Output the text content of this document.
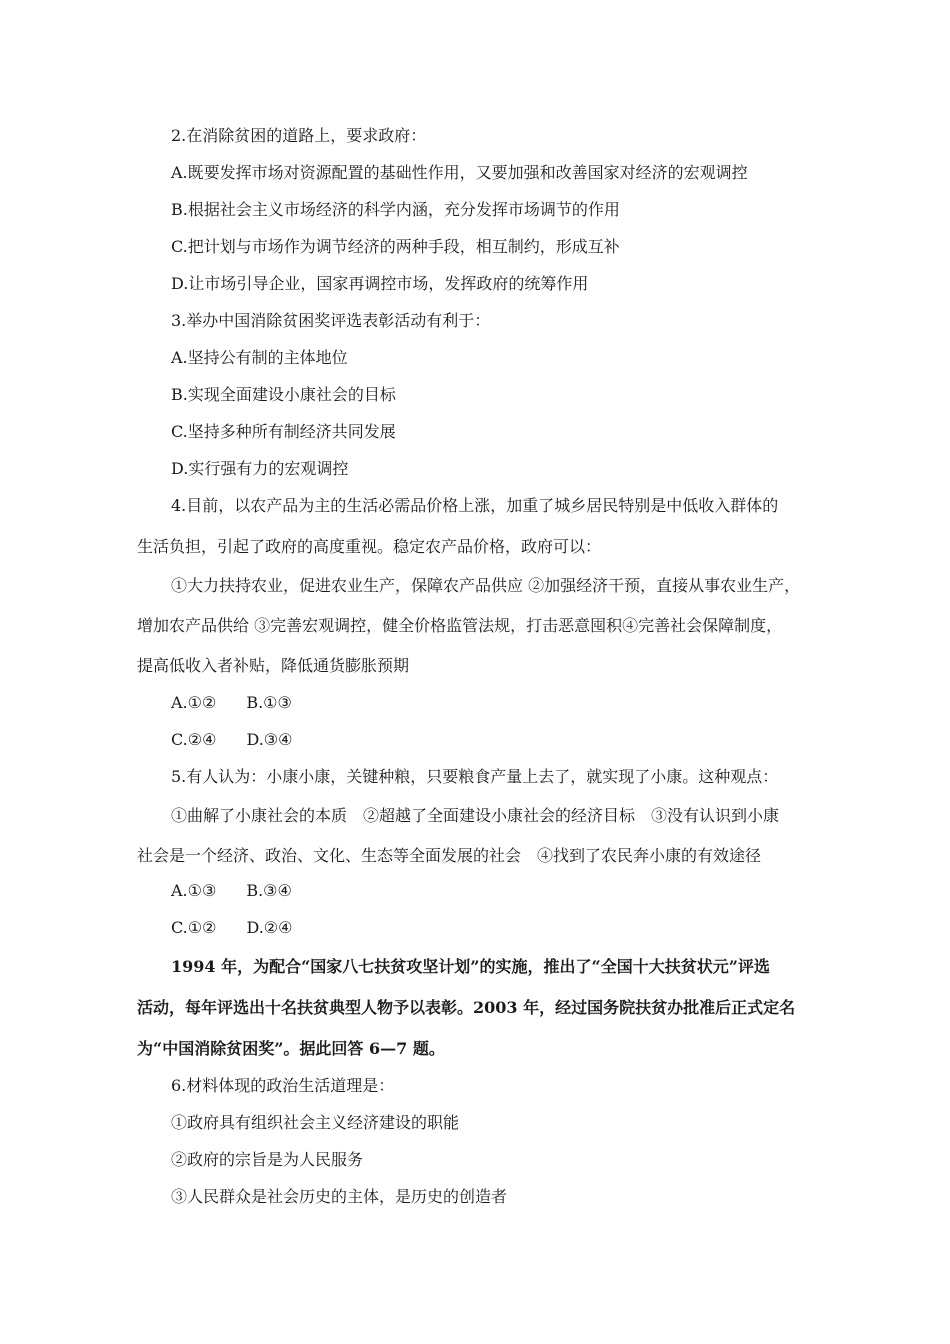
2.在消除贫困的道路上，要求政府：
A.既要发挥市场对资源配置的基础性作用，又要加强和改善国家对经济的宏观调控
B.根据社会主义市场经济的科学内涵，充分发挥市场调节的作用
C.把计划与市场作为调节经济的两种手段，相互制约，形成互补
D.让市场引导企业，国家再调控市场，发挥政府的统筹作用
3.举办中国消除贫困奖评选表彰活动有利于：
A.坚持公有制的主体地位
B.实现全面建设小康社会的目标
C.坚持多种所有制经济共同发展
D.实行强有力的宏观调控
4.目前，以农产品为主的生活必需品价格上涨，加重了城乡居民特别是中低收入群体的
生活负担，引起了政府的高度重视。稳定农产品价格，政府可以：
①大力扶持农业，促进农业生产，保障农产品供应 ②加强经济干预，直接从事农业生产，
增加农产品供给 ③完善宏观调控，健全价格监管法规，打击恶意囤积④完善社会保障制度，
提高低收入者补贴，降低通货膨胀预期
A.①② B.①③
C.②④ D.③④
5.有人认为：小康小康，关键种粮，只要粮食产量上去了，就实现了小康。这种观点：
①曲解了小康社会的本质　②超越了全面建设小康社会的经济目标　③没有认识到小康
社会是一个经济、政治、文化、生态等全面发展的社会　④找到了农民奔小康的有效途径
A.①③ B.③④
C.①② D.②④
1994 年，为配合“国家八七扶贫攻坚计划”的实施，推出了“全国十大扶贫状元”评选
活动，每年评选出十名扶贫典型人物予以表彰。2003 年，经过国务院扶贫办批准后正式定名
为“中国消除贫困奖”。据此回答 6—7 题。
6.材料体现的政治生活道理是：
①政府具有组织社会主义经济建设的职能
②政府的宗旨是为人民服务
③人民群众是社会历史的主体，是历史的创造者
